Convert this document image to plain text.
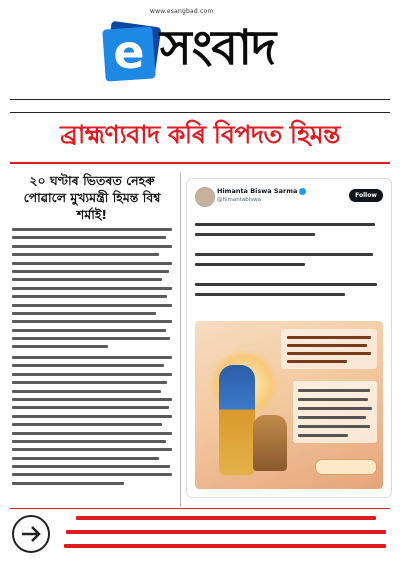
www.esangbad.com
e সংবাদ
ব্ৰাহ্মণ্যবাদ কৰি বিপদত হিমন্ত
২০ ঘণ্টাৰ ভিতৰত নেহৰু পোৱালে মুখ্যমন্ত্ৰী হিমন্ত বিশ্ব শৰ্মাই!
Himanta Biswa Sarma
@himantabiswa
Follow
